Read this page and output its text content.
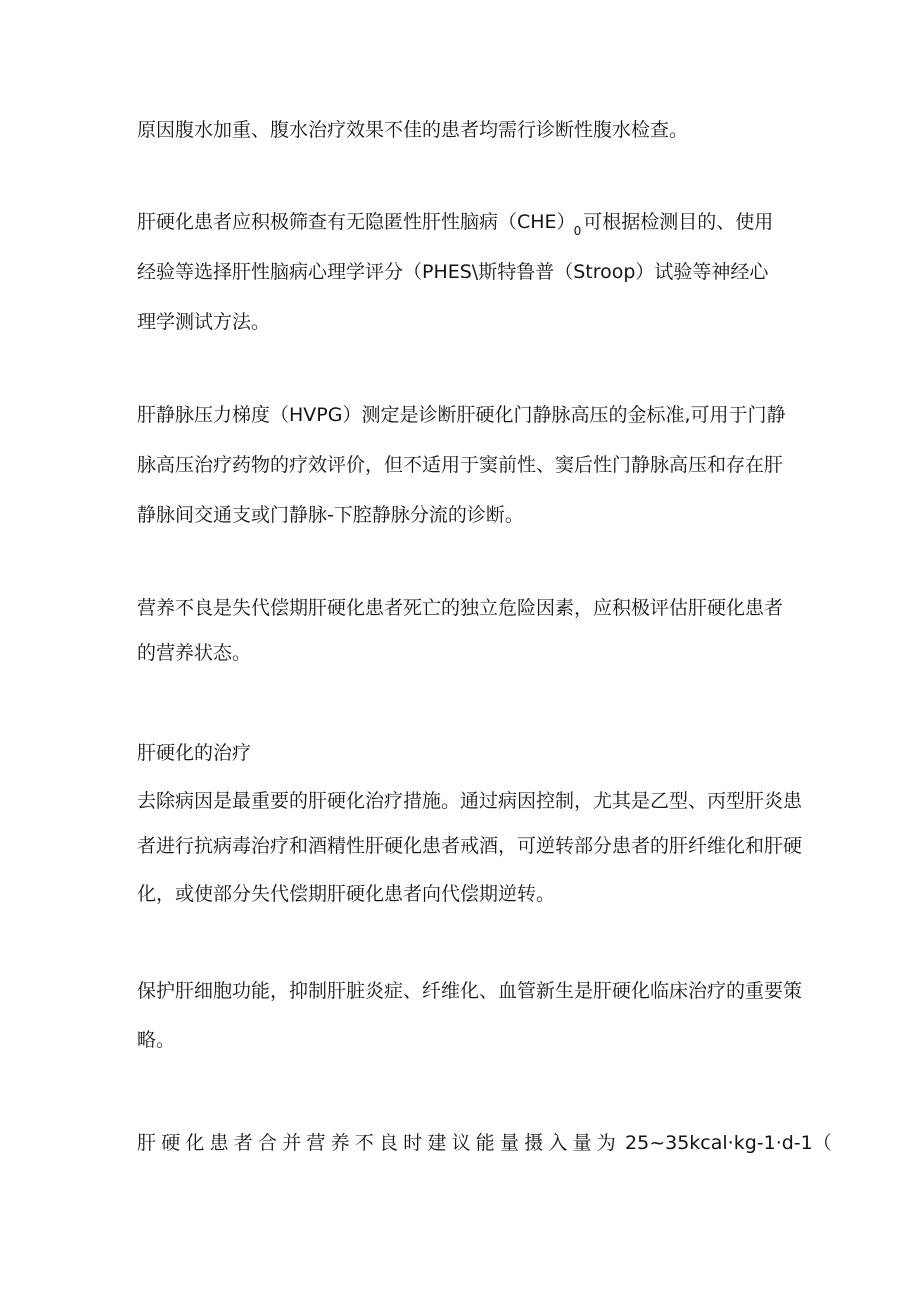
原因腹水加重、腹水治疗效果不佳的患者均需行诊断性腹水检查。
肝硬化患者应积极筛查有无隐匿性肝性脑病$(CHE)_0$ 可根据检测目的、使用
经验等选择肝性脑病心理学评分（PHES\斯特鲁普（Stroop）试验等神经心
理学测试方法。
肝静脉压力梯度（HVPG）测定是诊断肝硬化门静脉高压的金标准,可用于门静
脉高压治疗药物的疗效评价，但不适用于窦前性、窦后性门静脉高压和存在肝
静脉间交通支或门静脉-下腔静脉分流的诊断。
营养不良是失代偿期肝硬化患者死亡的独立危险因素，应积极评估肝硬化患者
的营养状态。
肝硬化的治疗
去除病因是最重要的肝硬化治疗措施。通过病因控制，尤其是乙型、丙型肝炎患
者进行抗病毒治疗和酒精性肝硬化患者戒酒，可逆转部分患者的肝纤维化和肝硬
化，或使部分失代偿期肝硬化患者向代偿期逆转。
保护肝细胞功能，抑制肝脏炎症、纤维化、血管新生是肝硬化临床治疗的重要策
略。
肝硬化患者合并营养不良时建议能量摄入量为 25~35kcal·kg-1·d-1（
